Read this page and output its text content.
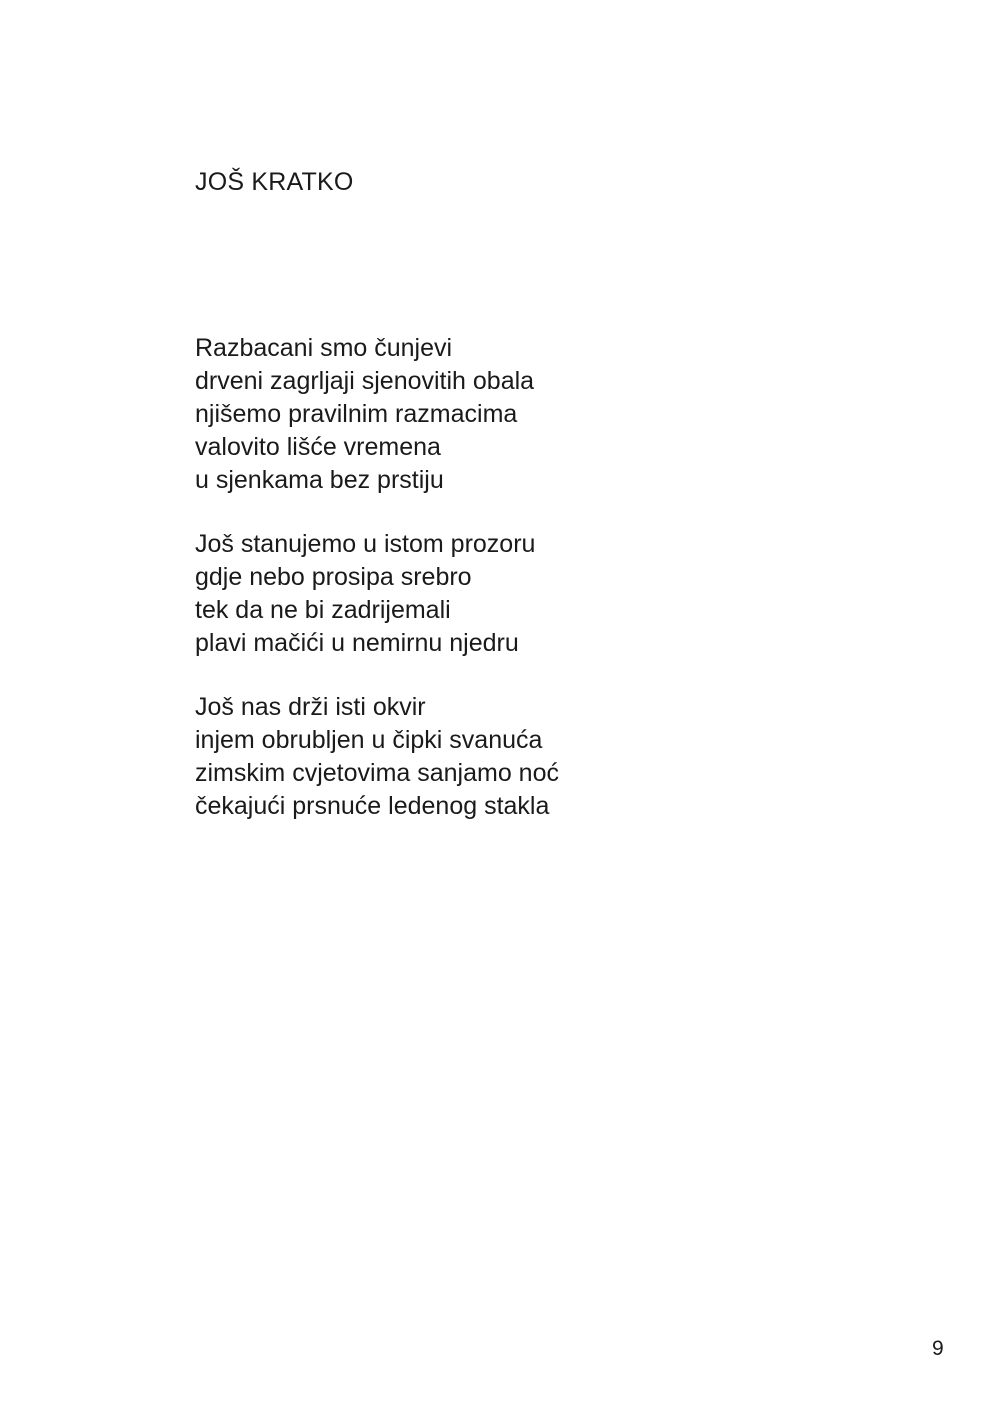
JOŠ KRATKO
Razbacani smo čunjevi
drveni zagrljaji sjenovitih obala
njišemo pravilnim razmacima
valovito lišće vremena
u sjenkama bez prstiju
Još stanujemo u istom prozoru
gdje nebo prosipa srebro
tek da ne bi zadrijemali
plavi mačići u nemirnu njedru
Još nas drži isti okvir
injem obrubljen u čipki svanuća
zimskim cvjetovima sanjamo noć
čekajući prsnuće ledenog stakla
9
